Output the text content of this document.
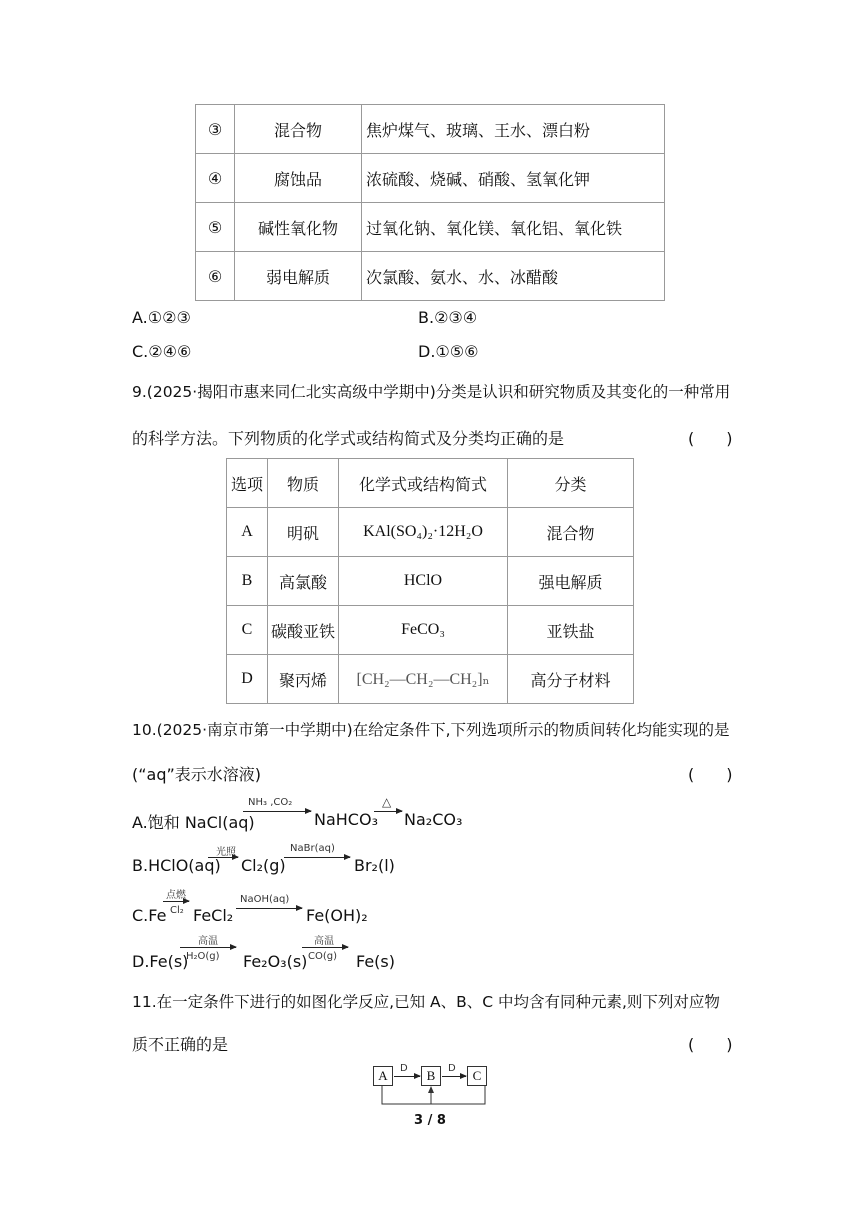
③	混合物	焦炉煤气、玻璃、王水、漂白粉
④	腐蚀品	浓硫酸、烧碱、硝酸、氢氧化钾
⑤	碱性氧化物	过氧化钠、氧化镁、氧化铝、氧化铁
⑥	弱电解质	次氯酸、氨水、水、冰醋酸
A.①②③	B.②③④
C.②④⑥	D.①⑤⑥
9.(2025·揭阳市惠来同仁北实高级中学期中)分类是认识和研究物质及其变化的一种常用
的科学方法。下列物质的化学式或结构简式及分类均正确的是	(　　)
选项	物质	化学式或结构简式	分类
A	明矾	KAl(SO₄)₂·12H₂O	混合物
B	高氯酸	HClO	强电解质
C	碳酸亚铁	FeCO₃	亚铁盐
D	聚丙烯	[CH₂—CH₂—CH₂]ₙ	高分子材料
10.(2025·南京市第一中学期中)在给定条件下,下列选项所示的物质间转化均能实现的是
(“aq”表示水溶液)	(　　)
A.饱和 NaCl(aq)
NH₃ ,CO₂
NaHCO₃
△
Na₂CO₃
B.HClO(aq)
光照
Cl₂(g)
NaBr(aq)
Br₂(l)
C.Fe
点燃
Cl₂ FeCl₂
NaOH(aq)
Fe(OH)₂
D.Fe(s)
高温
H₂O(g) Fe₂O₃(s)
高温
CO(g) Fe(s)
11.在一定条件下进行的如图化学反应,已知 A、B、C 中均含有同种元素,则下列对应物
质不正确的是	(　　)
A	B	C
D	D
3 / 8
